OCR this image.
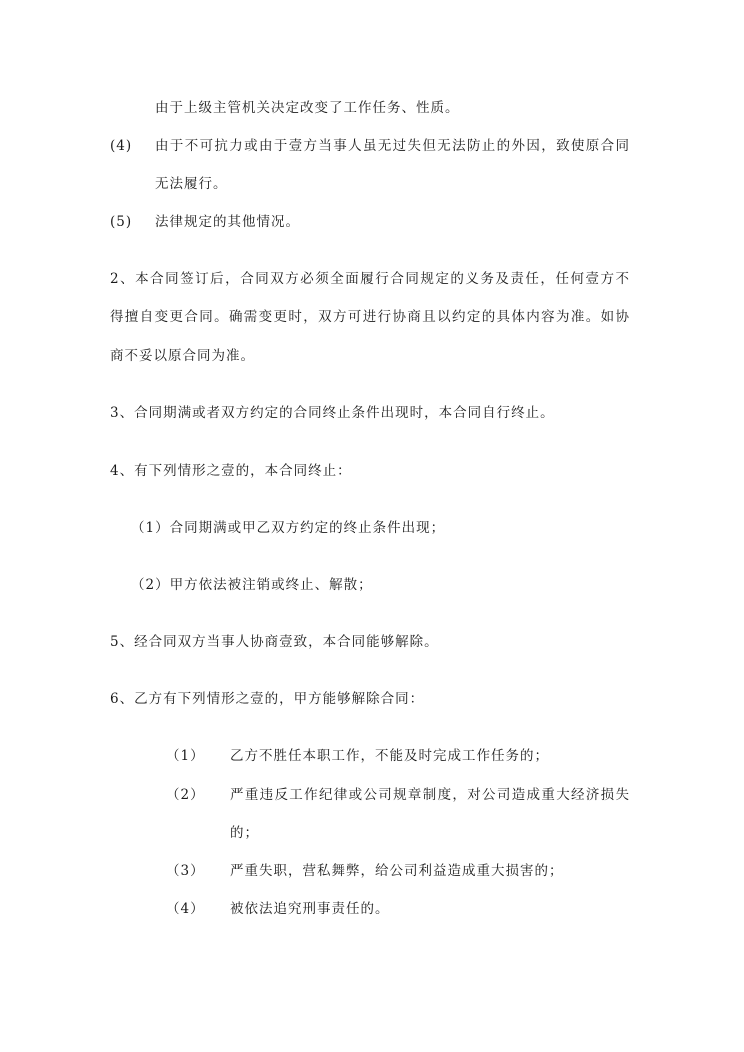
由于上级主管机关决定改变了工作任务、性质。
(4) 由于不可抗力或由于壹方当事人虽无过失但无法防止的外因，致使原合同
无法履行。
(5) 法律规定的其他情况。
2、本合同签订后，合同双方必须全面履行合同规定的义务及责任，任何壹方不
得擅自变更合同。确需变更时，双方可进行协商且以约定的具体内容为准。如协
商不妥以原合同为准。
3、合同期满或者双方约定的合同终止条件出现时，本合同自行终止。
4、有下列情形之壹的，本合同终止：
（1）合同期满或甲乙双方约定的终止条件出现；
（2）甲方依法被注销或终止、解散；
5、经合同双方当事人协商壹致，本合同能够解除。
6、乙方有下列情形之壹的，甲方能够解除合同：
（1） 乙方不胜任本职工作，不能及时完成工作任务的；
（2） 严重违反工作纪律或公司规章制度，对公司造成重大经济损失
的；
（3） 严重失职，营私舞弊，给公司利益造成重大损害的；
（4） 被依法追究刑事责任的。
